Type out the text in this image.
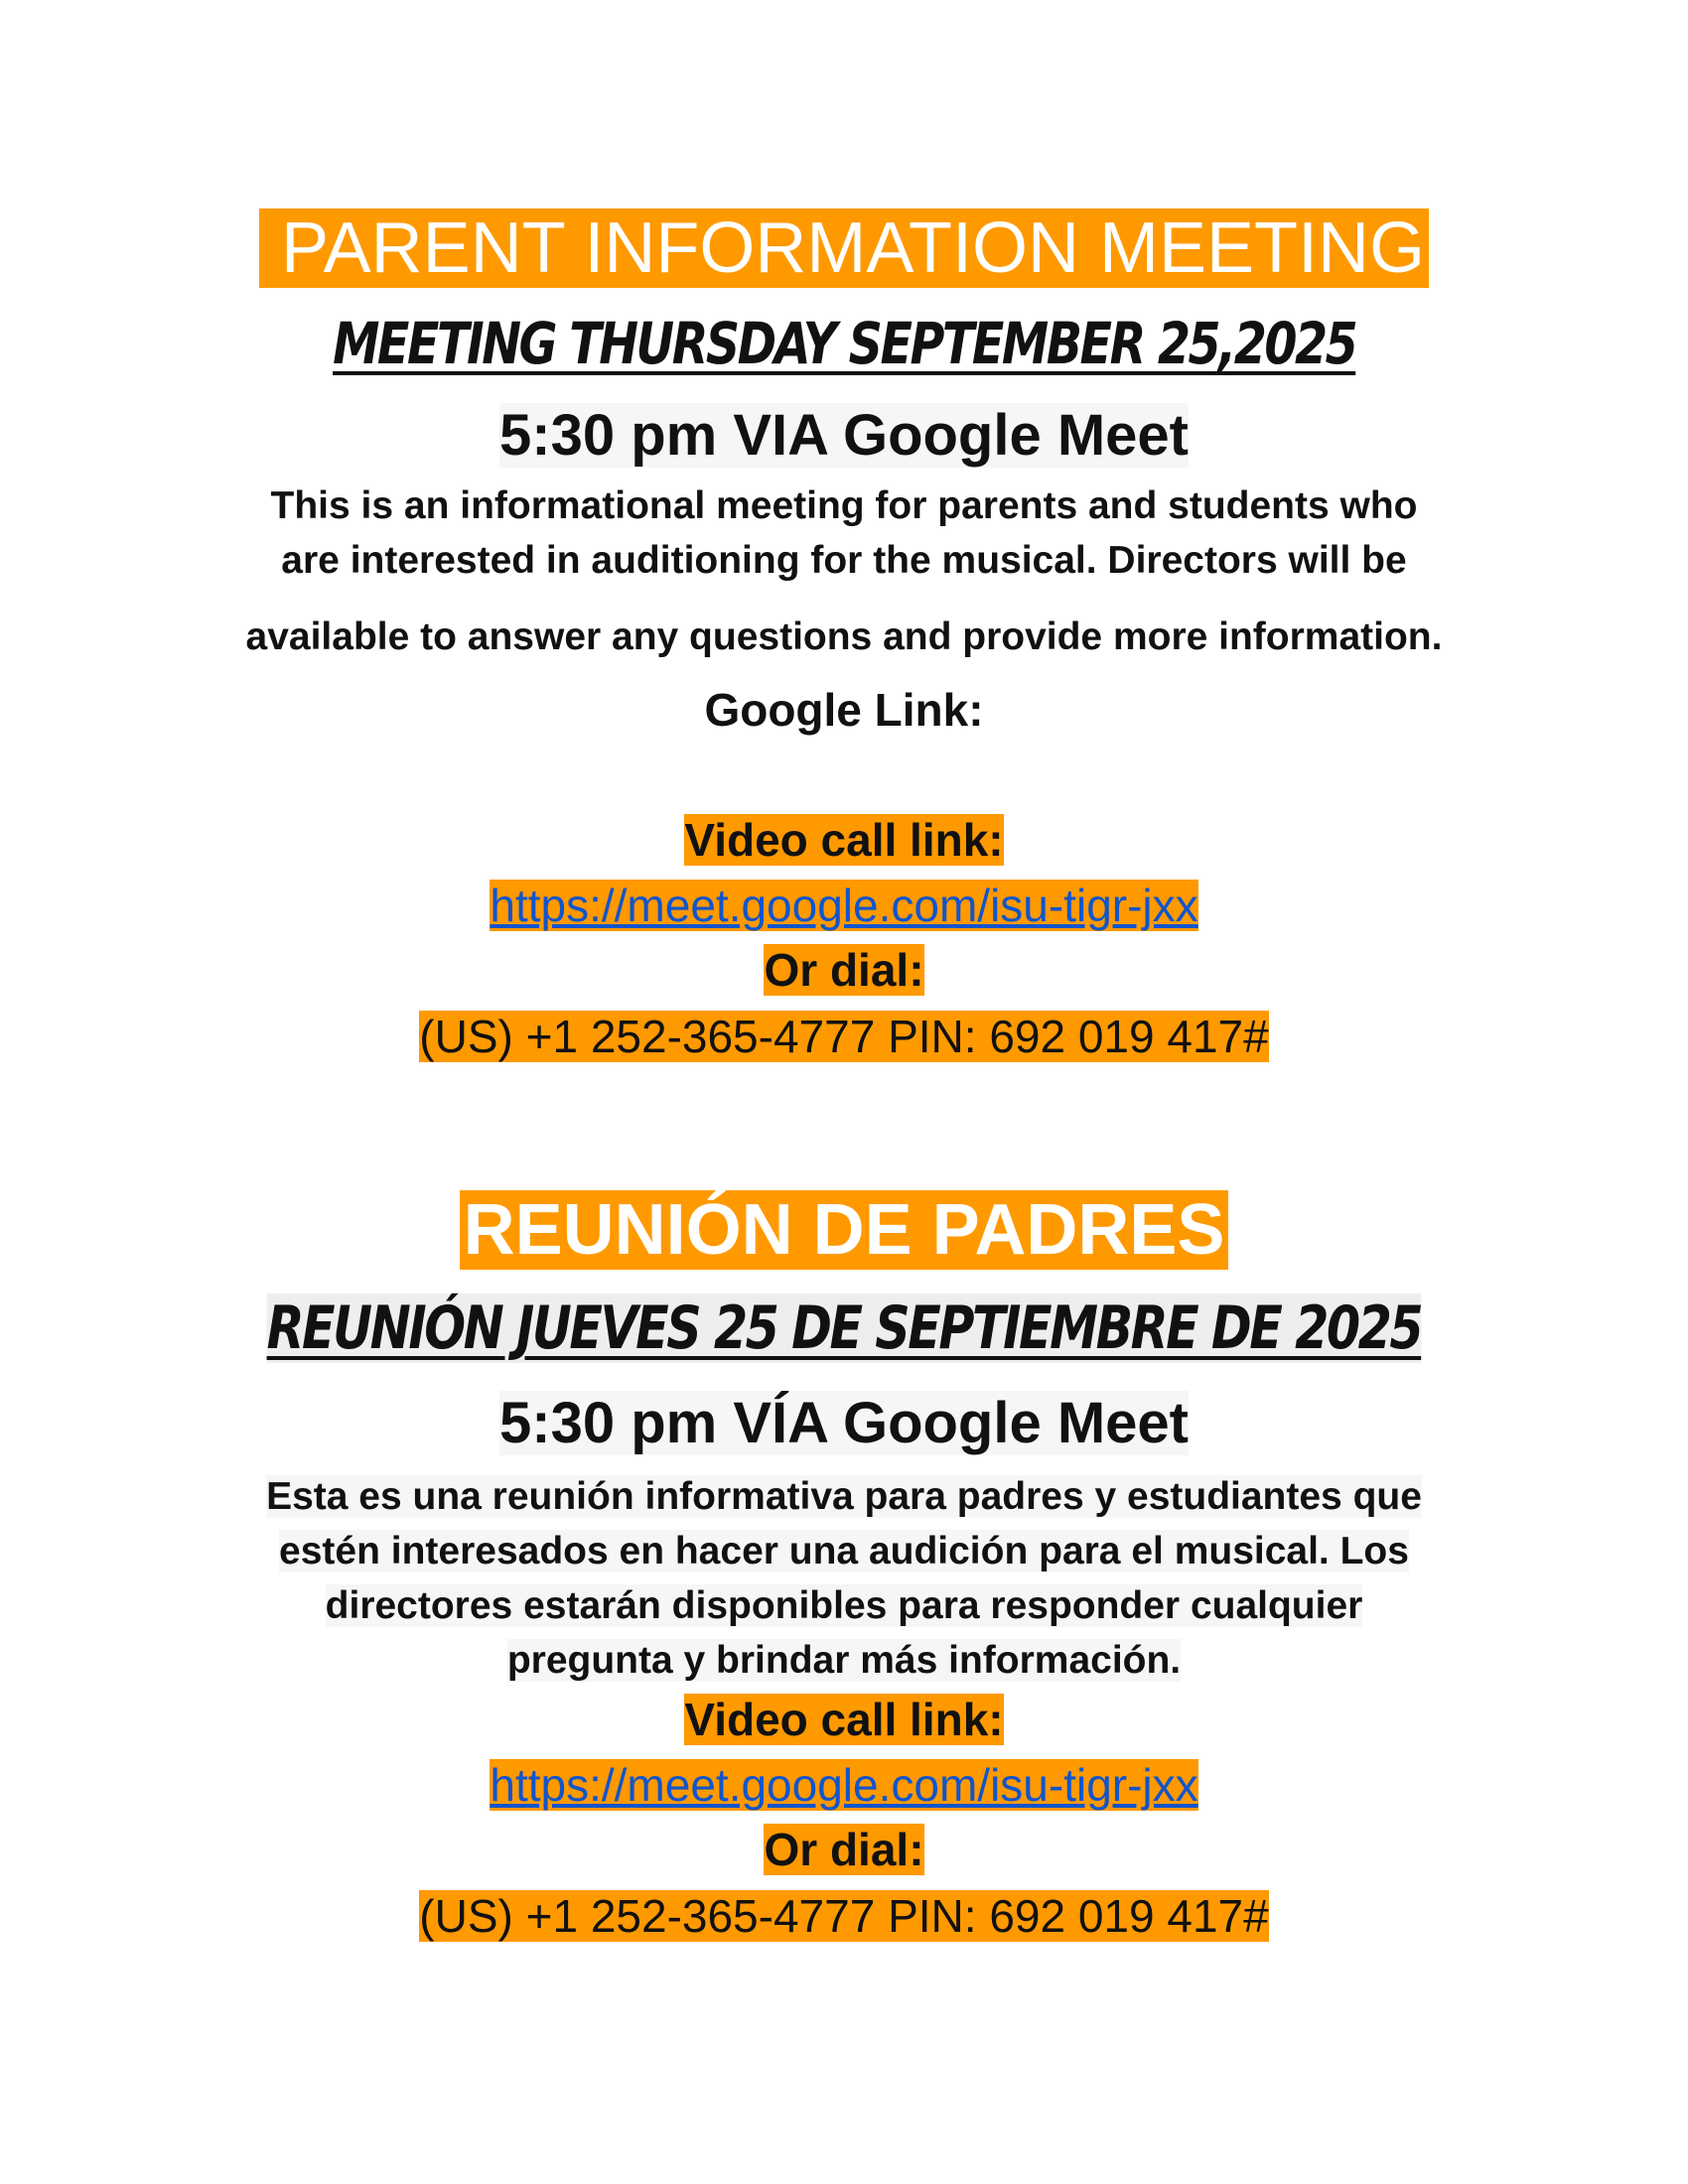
PARENT INFORMATION MEETING
MEETING THURSDAY SEPTEMBER 25,2025
5:30 pm VIA Google Meet
This is an informational meeting for parents and students who
are interested in auditioning for the musical. Directors will be
available to answer any questions and provide more information.
Google Link:
Video call link:
https://meet.google.com/isu-tigr-jxx
Or dial:
(US) +1 252-365-4777 PIN: 692 019 417#
REUNIÓN DE PADRES
REUNIÓN JUEVES 25 DE SEPTIEMBRE DE 2025
5:30 pm VÍA Google Meet
Esta es una reunión informativa para padres y estudiantes que
estén interesados en hacer una audición para el musical. Los
directores estarán disponibles para responder cualquier
pregunta y brindar más información.
Video call link:
https://meet.google.com/isu-tigr-jxx
Or dial:
(US) +1 252-365-4777 PIN: 692 019 417#
